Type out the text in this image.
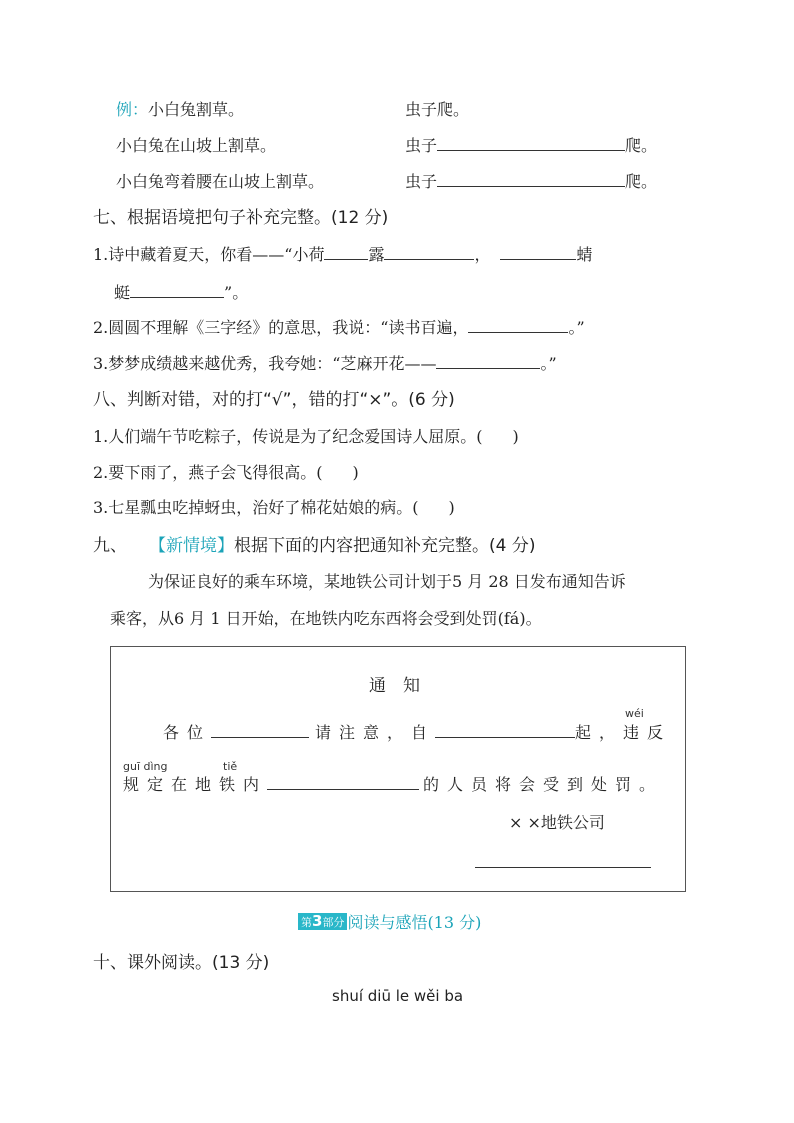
例：小白兔割草。	虫子爬。
小白兔在山坡上割草。	虫子	爬。
小白兔弯着腰在山坡上割草。	虫子	爬。
七、根据语境把句子补充完整。(12 分)
1.诗中藏着夏天，你看——“小荷	露	，	蜻
蜓	”。
2.圆圆不理解《三字经》的意思，我说：“读书百遍，	。”
3.梦梦成绩越来越优秀，我夸她：“芝麻开花——	。”
八、判断对错，对的打“√”，错的打“×”。(6 分)
1.人们端午节吃粽子，传说是为了纪念爱国诗人屈原。( )
2.要下雨了，燕子会飞得很高。( )
3.七星瓢虫吃掉蚜虫，治好了棉花姑娘的病。( )
九、 【新情境】根据下面的内容把通知补充完整。(4 分)
为保证良好的乘车环境，某地铁公司计划于5 月 28 日发布通知告诉
乘客，从6 月 1 日开始，在地铁内吃东西将会受到处罚(fá)。
通　知
wéi
各位	请注意，自	起，违反
guī dìng	tiě
规定在地铁内	的人员将会受到处罚。
× ×地铁公司
第3部分 阅读与感悟(13 分)
十、课外阅读。(13 分)
shuí diū le wěi ba
